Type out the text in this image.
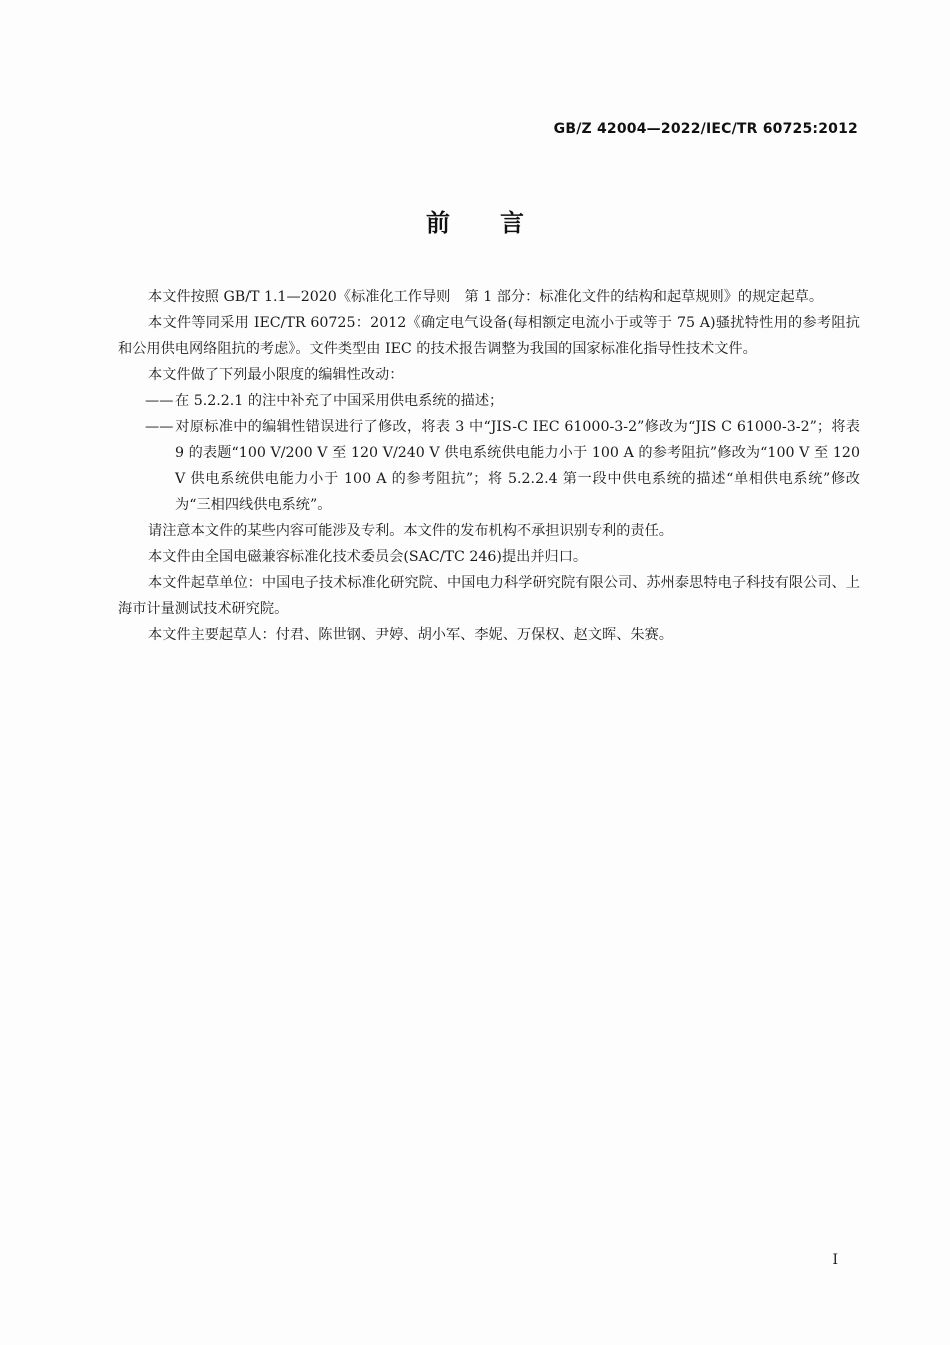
GB/Z 42004—2022/IEC/TR 60725:2012
前言

本文件按照 GB/T 1.1—2020《标准化工作导则　第 1 部分：标准化文件的结构和起草规则》的规定起草。

本文件等同采用 IEC/TR 60725：2012《确定电气设备(每相额定电流小于或等于 75 A)骚扰特性用的参考阻抗和公用供电网络阻抗的考虑》。文件类型由 IEC 的技术报告调整为我国的国家标准化指导性技术文件。

本文件做了下列最小限度的编辑性改动：

—— 在 5.2.2.1 的注中补充了中国采用供电系统的描述；

—— 对原标准中的编辑性错误进行了修改，将表 3 中“JIS-C IEC 61000-3-2”修改为“JIS C 61000-3-2”；将表 9 的表题“100 V/200 V 至 120 V/240 V 供电系统供电能力小于 100 A 的参考阻抗”修改为“100 V 至 120 V 供电系统供电能力小于 100 A 的参考阻抗”；将 5.2.2.4 第一段中供电系统的描述“单相供电系统”修改为“三相四线供电系统”。

请注意本文件的某些内容可能涉及专利。本文件的发布机构不承担识别专利的责任。

本文件由全国电磁兼容标准化技术委员会(SAC/TC 246)提出并归口。

本文件起草单位：中国电子技术标准化研究院、中国电力科学研究院有限公司、苏州泰思特电子科技有限公司、上海市计量测试技术研究院。

本文件主要起草人：付君、陈世钢、尹婷、胡小军、李妮、万保权、赵文晖、朱赛。

I
